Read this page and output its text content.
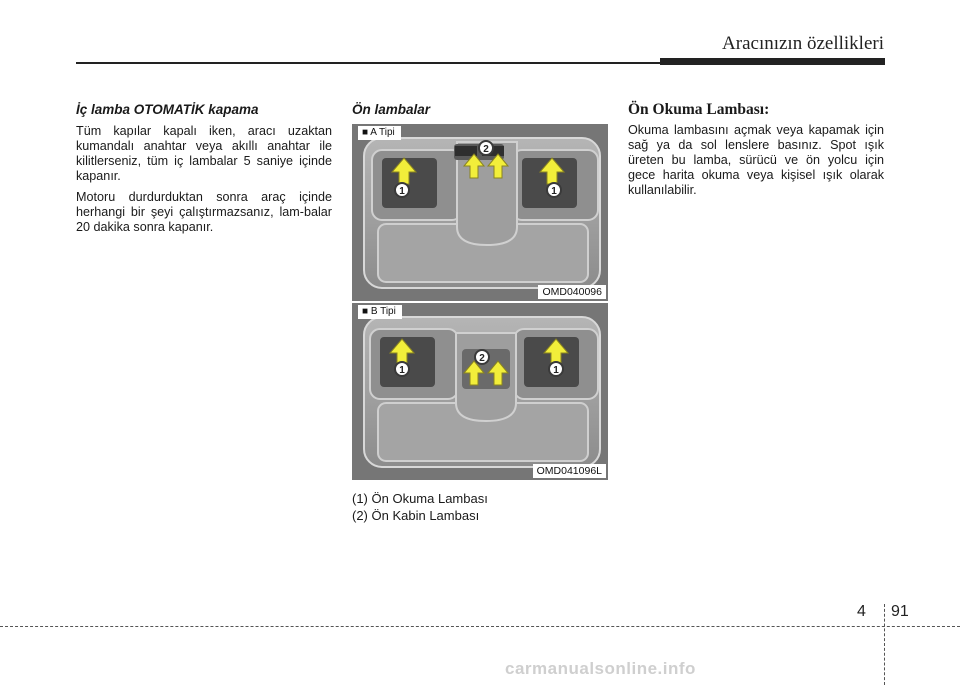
Aracınızın özellikleri
İç lamba OTOMATİK kapama

Tüm kapılar kapalı iken, aracı uzaktan kumandalı anahtar veya akıllı anahtar ile kilitlerseniz, tüm iç lambalar 5 saniye içinde kapanır.

Motoru durdurduktan sonra araç içinde herhangi bir şeyi çalıştırmazsanız, lam-balar 20 dakika sonra kapanır.

Ön lambalar
1	1
2
■ A Tipi
OMD040096
1	1
2
■ B Tipi
OMD041096L
(1) Ön Okuma Lambası
(2) Ön Kabin Lambası
Ön Okuma Lambası:

Okuma lambasını açmak veya kapamak için sağ ya da sol lenslere basınız. Spot ışık üreten bu lamba, sürücü ve ön yolcu için gece harita okuma veya kişisel ışık olarak kullanılabilir.

4 91
carmanualsonline.info
